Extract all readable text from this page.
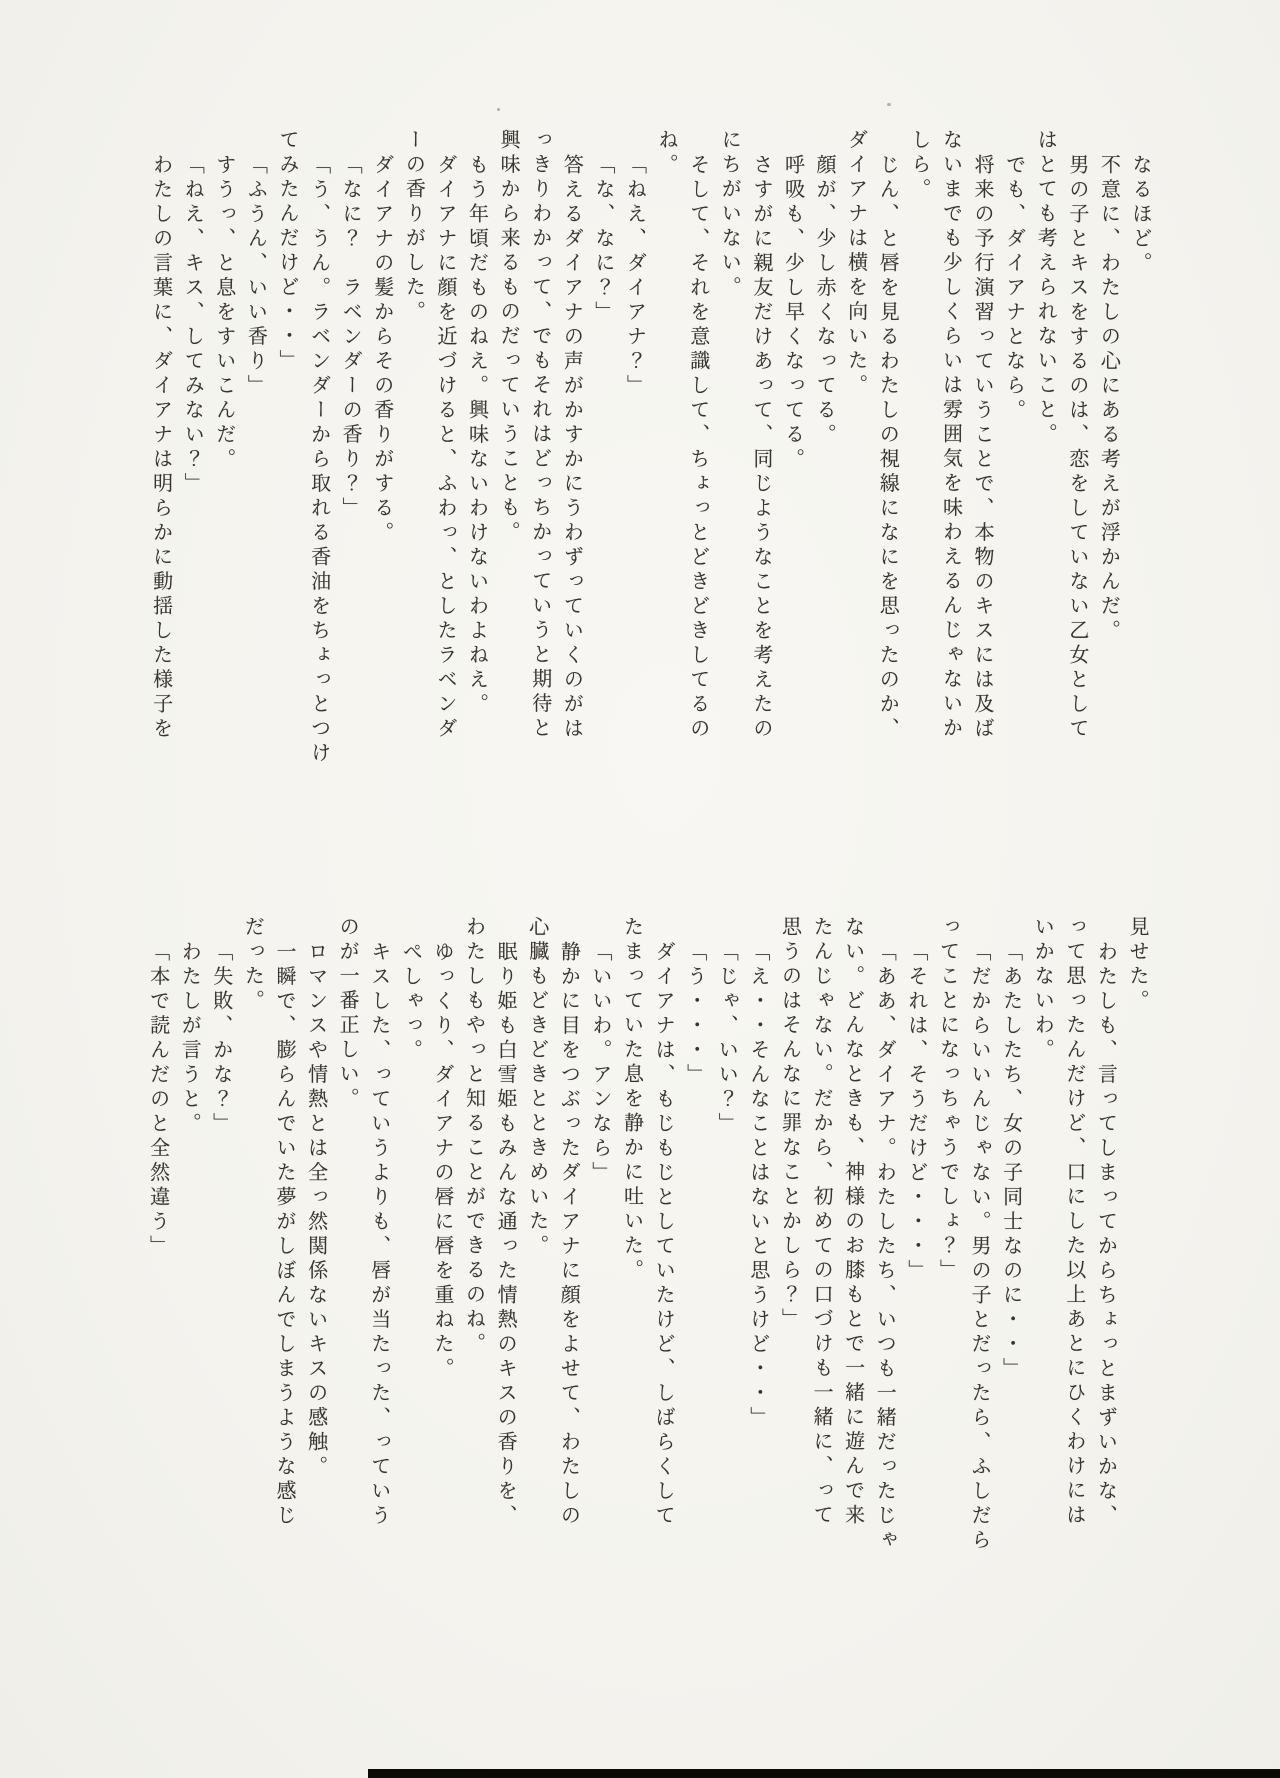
なるほど。

不意に、わたしの心にある考えが浮かんだ。

男の子とキスをするのは、恋をしていない乙女として

はとても考えられないこと。

でも、ダイアナとなら。

将来の予行演習っていうことで、本物のキスには及ば

ないまでも少しくらいは雰囲気を味わえるんじゃないか

しら。

じん、と唇を見るわたしの視線になにを思ったのか、

ダイアナは横を向いた。

顔が、少し赤くなってる。

呼吸も、少し早くなってる。

さすがに親友だけあって、同じようなことを考えたの

にちがいない。

そして、それを意識して、ちょっとどきどきしてるの

ね。

「ねえ、ダイアナ？」

「な、なに？」

答えるダイアナの声がかすかにうわずっていくのがは

っきりわかって、でもそれはどっちかっていうと期待と

興味から来るものだっていうことも。

もう年頃だものねえ。興味ないわけないわよねえ。

ダイアナに顔を近づけると、ふわっ、としたラベンダ

ーの香りがした。

ダイアナの髪からその香りがする。

「なに？　ラベンダーの香り？」

「う、うん。ラベンダーから取れる香油をちょっとつけ

てみたんだけど・・」

「ふうん、いい香り」

すうっ、と息をすいこんだ。

「ねえ、キス、してみない？」

わたしの言葉に、ダイアナは明らかに動揺した様子を

見せた。

わたしも、言ってしまってからちょっとまずいかな、

って思ったんだけど、口にした以上あとにひくわけには

いかないわ。

「あたしたち、女の子同士なのに・・」

「だからいいんじゃない。男の子とだったら、ふしだら

ってことになっちゃうでしょ？」

「それは、そうだけど・・・」

「ああ、ダイアナ。わたしたち、いつも一緒だったじゃ

ない。どんなときも、神様のお膝もとで一緒に遊んで来

たんじゃない。だから、初めての口づけも一緒に、って

思うのはそんなに罪なことかしら？」

「え・・そんなことはないと思うけど・・」

「じゃ、いい？」

「う・・・」

ダイアナは、もじもじとしていたけど、しばらくして

たまっていた息を静かに吐いた。

「いいわ。アンなら」

静かに目をつぶったダイアナに顔をよせて、わたしの

心臓もどきどきとときめいた。

眠り姫も白雪姫もみんな通った情熱のキスの香りを、

わたしもやっと知ることができるのね。

ゆっくり、ダイアナの唇に唇を重ねた。

ぺしゃっ。

キスした、っていうよりも、唇が当たった、っていう

のが一番正しい。

ロマンスや情熱とは全っ然関係ないキスの感触。

一瞬で、膨らんでいた夢がしぼんでしまうような感じ

だった。

「失敗、かな？」

わたしが言うと。

「本で読んだのと全然違う」
